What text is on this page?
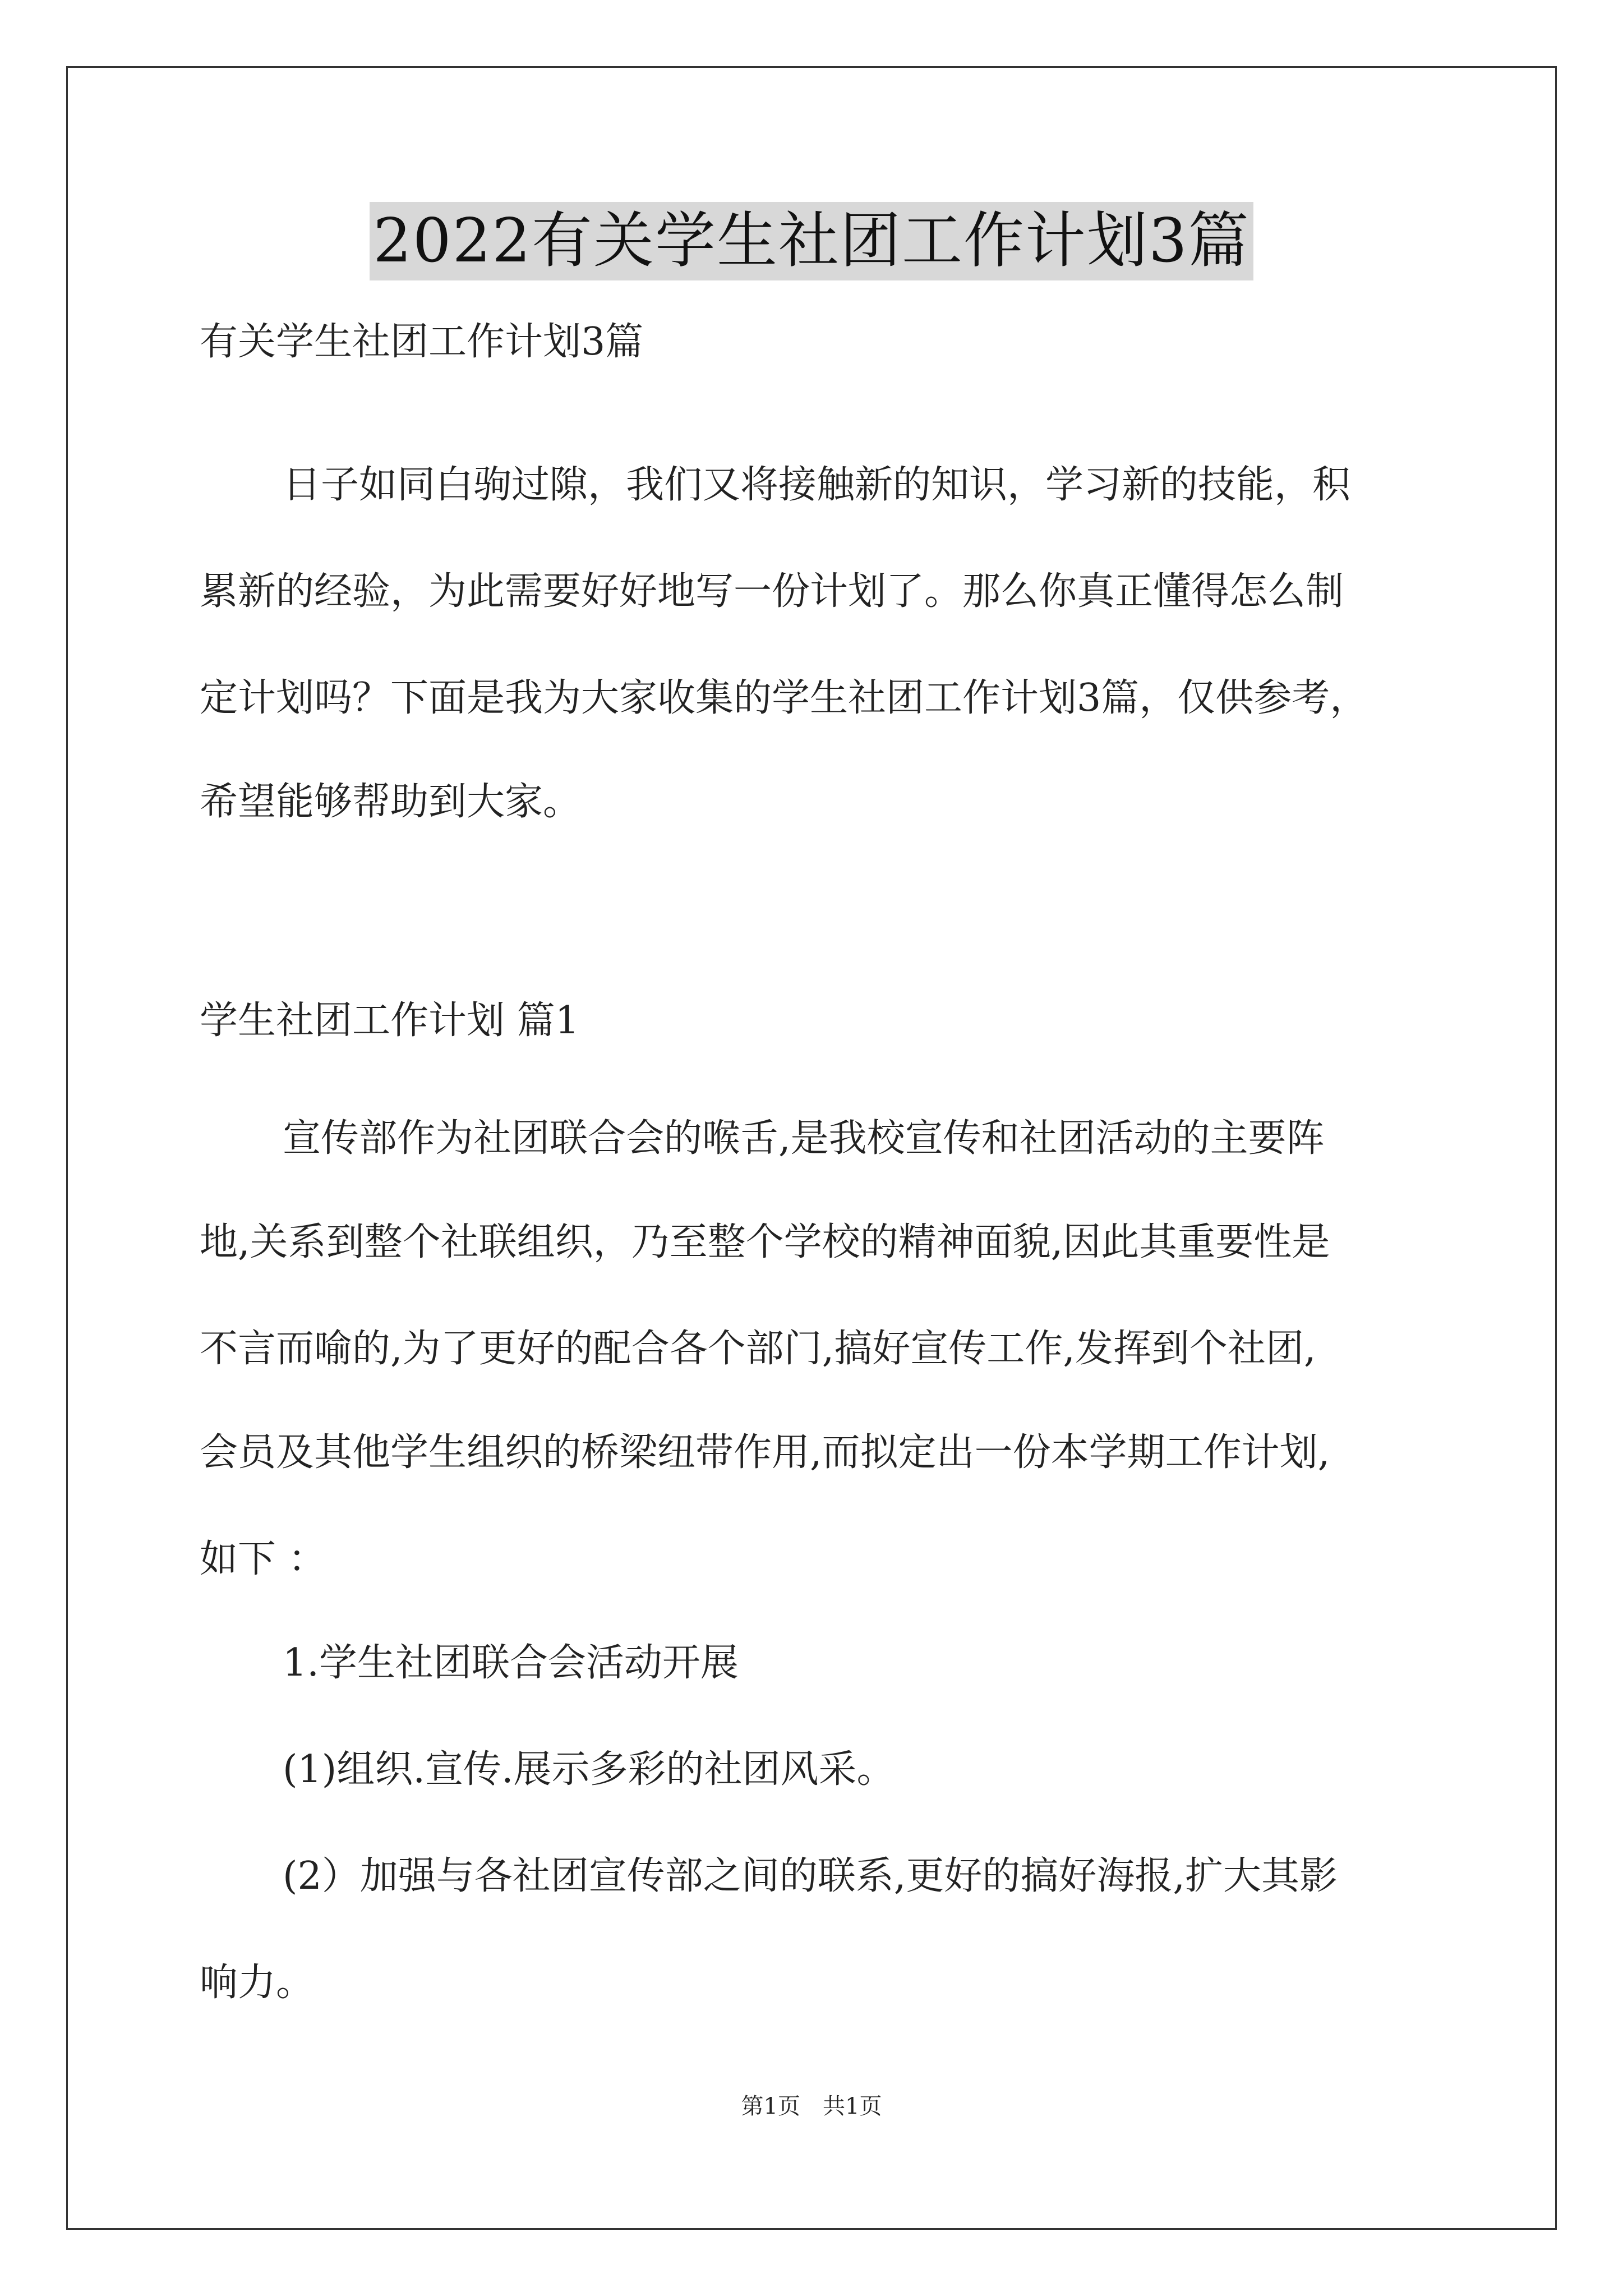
2022有关学生社团工作计划3篇
有关学生社团工作计划3篇
日子如同白驹过隙，我们又将接触新的知识，学习新的技能，积
累新的经验，为此需要好好地写一份计划了。那么你真正懂得怎么制
定计划吗？下面是我为大家收集的学生社团工作计划3篇，仅供参考，
希望能够帮助到大家。
学生社团工作计划 篇1
宣传部作为社团联合会的喉舌,是我校宣传和社团活动的主要阵
地,关系到整个社联组织，乃至整个学校的精神面貌,因此其重要性是
不言而喻的,为了更好的配合各个部门,搞好宣传工作,发挥到个社团,
会员及其他学生组织的桥梁纽带作用,而拟定出一份本学期工作计划,
如下 ：
1.学生社团联合会活动开展
(1)组织.宣传.展示多彩的社团风采。
(2）加强与各社团宣传部之间的联系,更好的搞好海报,扩大其影
响力。
第1页　共1页
